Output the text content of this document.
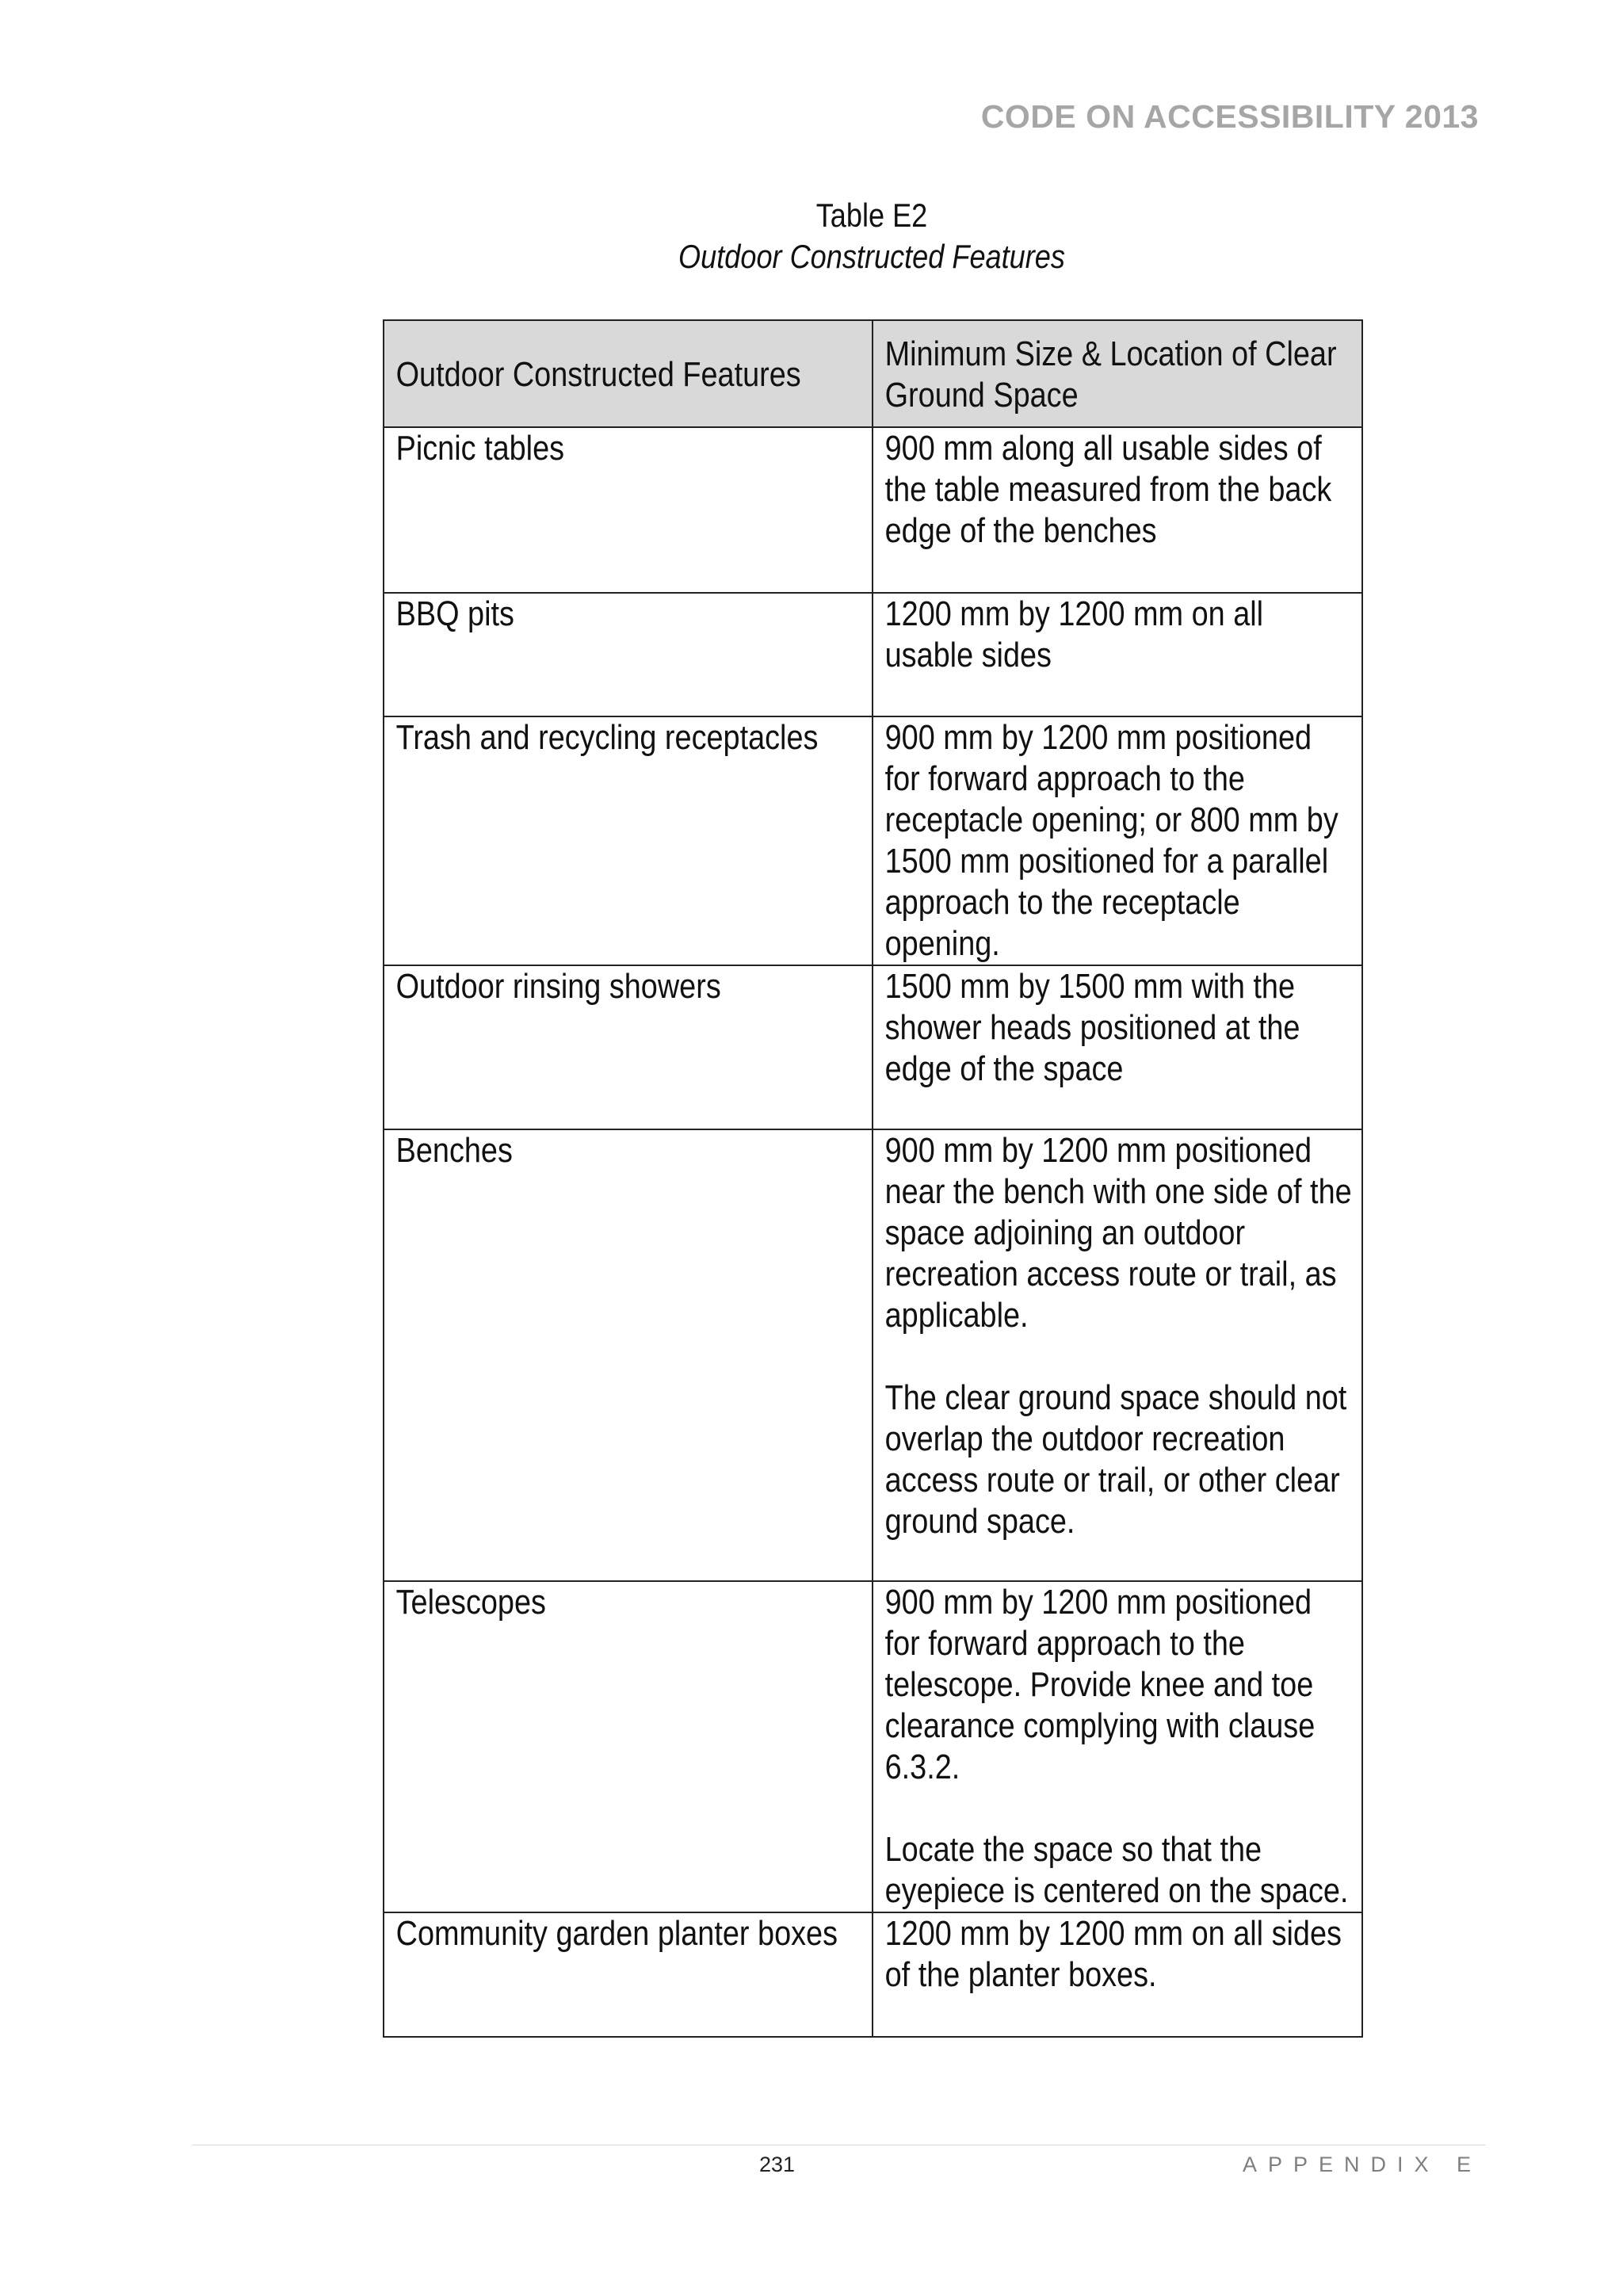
CODE ON ACCESSIBILITY 2013
Table E2
Outdoor Constructed Features
Outdoor Constructed Features	Minimum Size & Location of Clear Ground Space

Picnic tables	900 mm along all usable sides of the table measured from the back edge of the benches

BBQ pits	1200 mm by 1200 mm on all usable sides

Trash and recycling receptacles	900 mm by 1200 mm positioned for forward approach to the receptacle opening; or 800 mm by 1500 mm positioned for a parallel approach to the receptacle opening.

Outdoor rinsing showers	1500 mm by 1500 mm with the shower heads positioned at the edge of the space

Benches	900 mm by 1200 mm positioned near the bench with one side of the space adjoining an outdoor recreation access route or trail, as applicable.
The clear ground space should not overlap the outdoor recreation access route or trail, or other clear ground space.

Telescopes	900 mm by 1200 mm positioned for forward approach to the telescope. Provide knee and toe clearance complying with clause 6.3.2.
Locate the space so that the eyepiece is centered on the space.

Community garden planter boxes	1200 mm by 1200 mm on all sides of the planter boxes.
231	APPENDIX E
